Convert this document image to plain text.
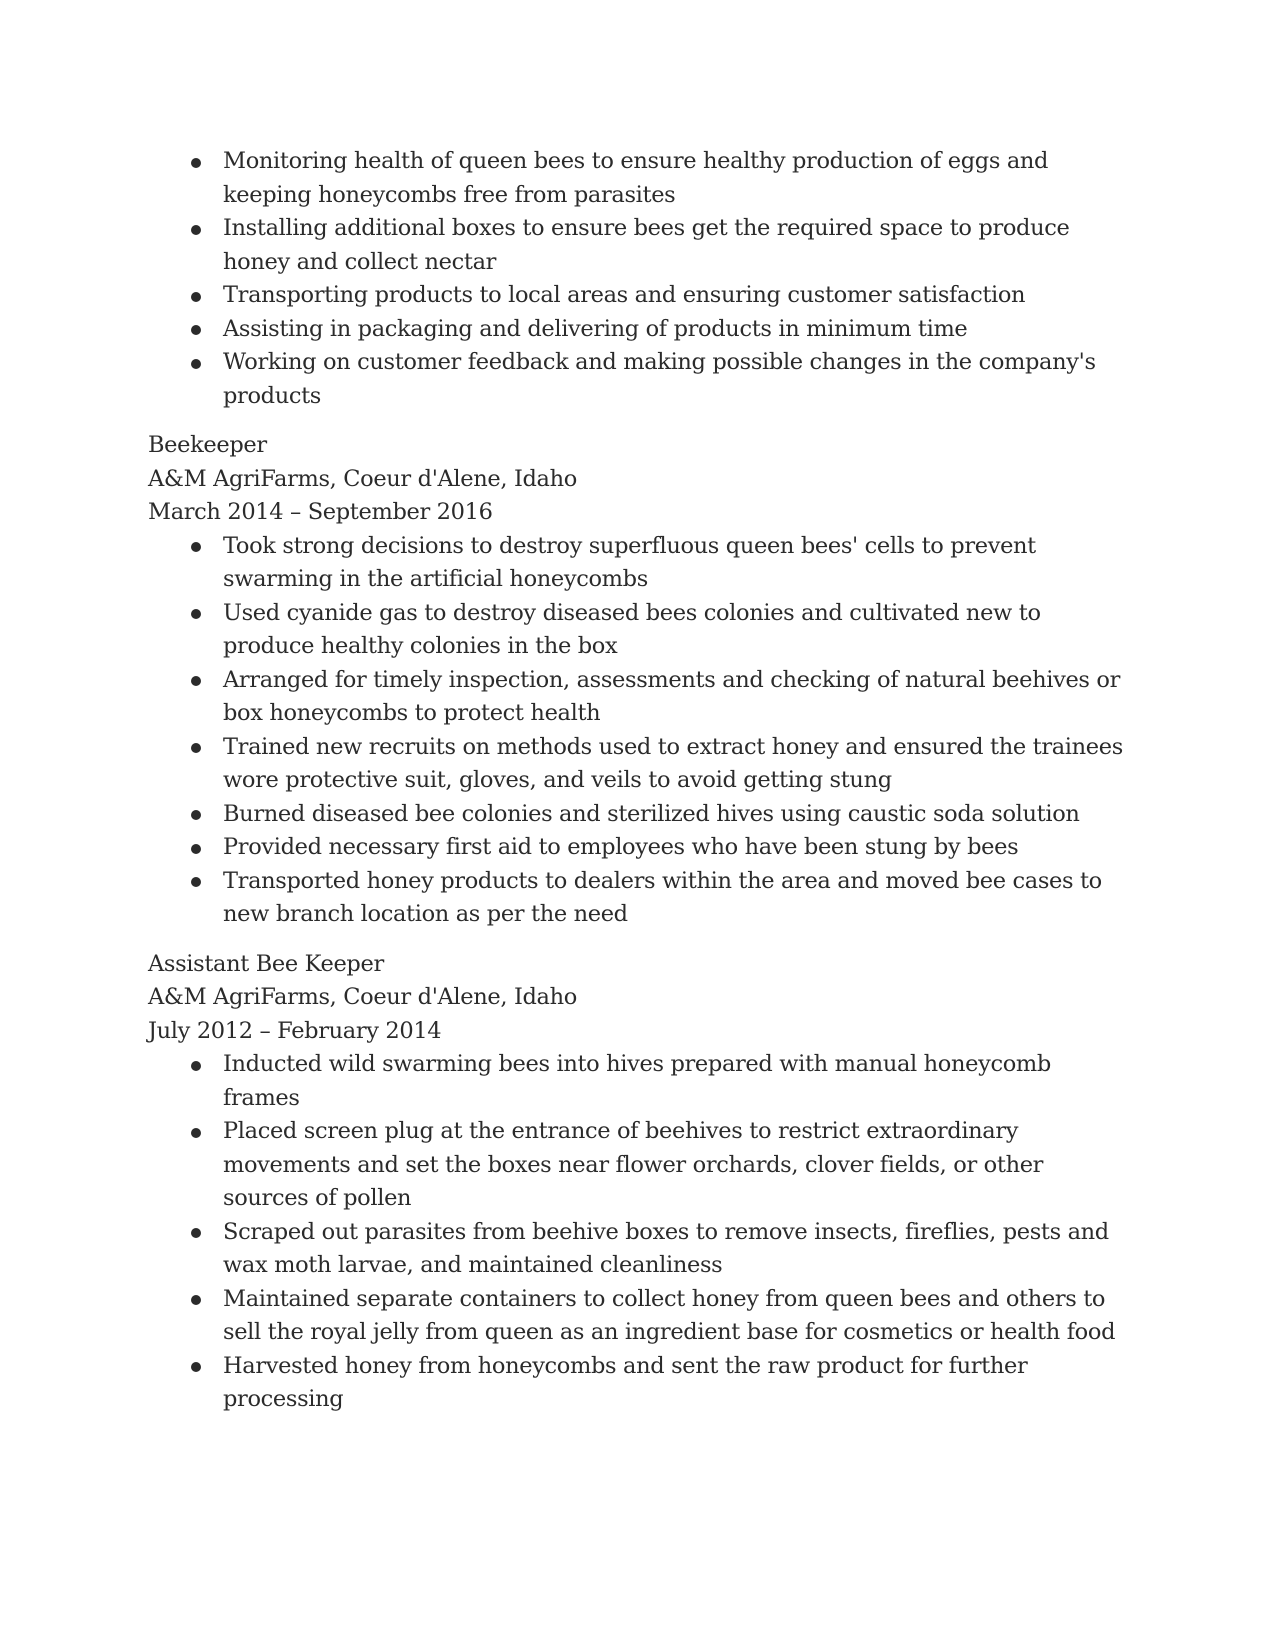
Monitoring health of queen bees to ensure healthy production of eggs and keeping honeycombs free from parasites
Installing additional boxes to ensure bees get the required space to produce honey and collect nectar
Transporting products to local areas and ensuring customer satisfaction
Assisting in packaging and delivering of products in minimum time
Working on customer feedback and making possible changes in the company's products
Beekeeper
A&M AgriFarms, Coeur d'Alene, Idaho
March 2014 – September 2016
Took strong decisions to destroy superfluous queen bees' cells to prevent swarming in the artificial honeycombs
Used cyanide gas to destroy diseased bees colonies and cultivated new to produce healthy colonies in the box
Arranged for timely inspection, assessments and checking of natural beehives or box honeycombs to protect health
Trained new recruits on methods used to extract honey and ensured the trainees wore protective suit, gloves, and veils to avoid getting stung
Burned diseased bee colonies and sterilized hives using caustic soda solution
Provided necessary first aid to employees who have been stung by bees
Transported honey products to dealers within the area and moved bee cases to new branch location as per the need
Assistant Bee Keeper
A&M AgriFarms, Coeur d'Alene, Idaho
July 2012 – February 2014
Inducted wild swarming bees into hives prepared with manual honeycomb frames
Placed screen plug at the entrance of beehives to restrict extraordinary movements and set the boxes near flower orchards, clover fields, or other sources of pollen
Scraped out parasites from beehive boxes to remove insects, fireflies, pests and wax moth larvae, and maintained cleanliness
Maintained separate containers to collect honey from queen bees and others to sell the royal jelly from queen as an ingredient base for cosmetics or health food
Harvested honey from honeycombs and sent the raw product for further processing
